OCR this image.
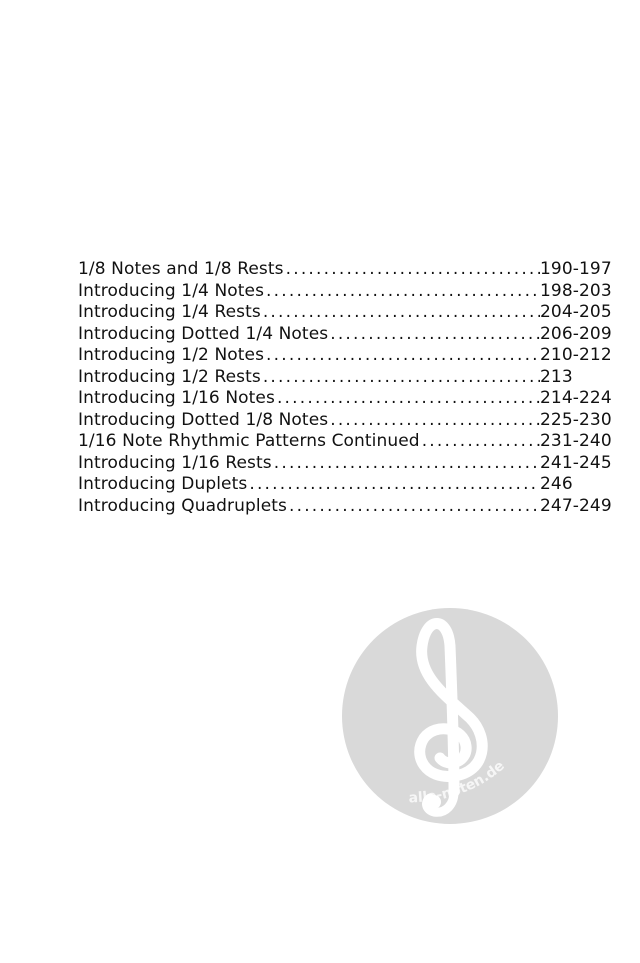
1/8 Notes and 1/8 Rests .....	190-197
Introducing 1/4 Notes .....	198-203
Introducing 1/4 Rests .....	204-205
Introducing Dotted 1/4 Notes .....	206-209
Introducing 1/2 Notes .....	210-212
Introducing 1/2 Rests .....	213
Introducing 1/16 Notes .....	214-224
Introducing Dotted 1/8 Notes .....	225-230
1/16 Note Rhythmic Patterns Continued .....	231-240
Introducing 1/16 Rests .....	241-245
Introducing Duplets .....	246
Introducing Quadruplets .....	247-249
alle-noten.de
